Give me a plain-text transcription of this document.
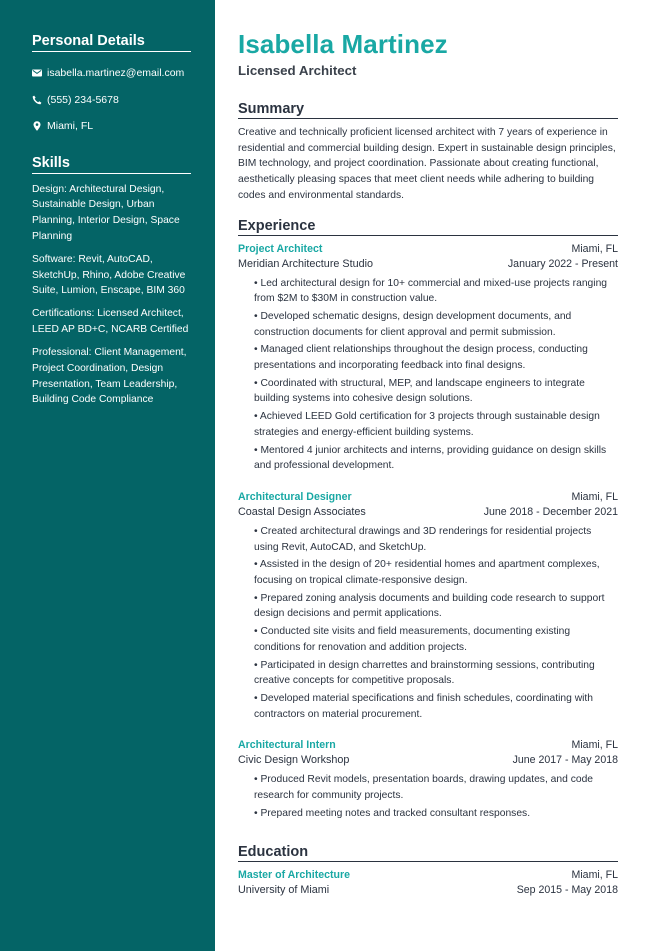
Personal Details
isabella.martinez@email.com
(555) 234-5678
Miami, FL
Skills
Design: Architectural Design, Sustainable Design, Urban Planning, Interior Design, Space Planning
Software: Revit, AutoCAD, SketchUp, Rhino, Adobe Creative Suite, Lumion, Enscape, BIM 360
Certifications: Licensed Architect, LEED AP BD+C, NCARB Certified
Professional: Client Management, Project Coordination, Design Presentation, Team Leadership, Building Code Compliance
Isabella Martinez
Licensed Architect
Summary

Creative and technically proficient licensed architect with 7 years of experience in residential and commercial building design. Expert in sustainable design principles, BIM technology, and project coordination. Passionate about creating functional, aesthetically pleasing spaces that meet client needs while adhering to building codes and environmental standards.

Experience
Project Architect	Miami, FL
Meridian Architecture Studio	January 2022 - Present
• Led architectural design for 10+ commercial and mixed-use projects ranging from $2M to $30M in construction value.
• Developed schematic designs, design development documents, and construction documents for client approval and permit submission.
• Managed client relationships throughout the design process, conducting presentations and incorporating feedback into final designs.
• Coordinated with structural, MEP, and landscape engineers to integrate building systems into cohesive design solutions.
• Achieved LEED Gold certification for 3 projects through sustainable design strategies and energy-efficient building systems.
• Mentored 4 junior architects and interns, providing guidance on design skills and professional development.
Architectural Designer	Miami, FL
Coastal Design Associates	June 2018 - December 2021
• Created architectural drawings and 3D renderings for residential projects using Revit, AutoCAD, and SketchUp.
• Assisted in the design of 20+ residential homes and apartment complexes, focusing on tropical climate-responsive design.
• Prepared zoning analysis documents and building code research to support design decisions and permit applications.
• Conducted site visits and field measurements, documenting existing conditions for renovation and addition projects.
• Participated in design charrettes and brainstorming sessions, contributing creative concepts for competitive proposals.
• Developed material specifications and finish schedules, coordinating with contractors on material procurement.
Architectural Intern	Miami, FL
Civic Design Workshop	June 2017 - May 2018
• Produced Revit models, presentation boards, drawing updates, and code research for community projects.
• Prepared meeting notes and tracked consultant responses.
Education
Master of Architecture	Miami, FL
University of Miami	Sep 2015 - May 2018
